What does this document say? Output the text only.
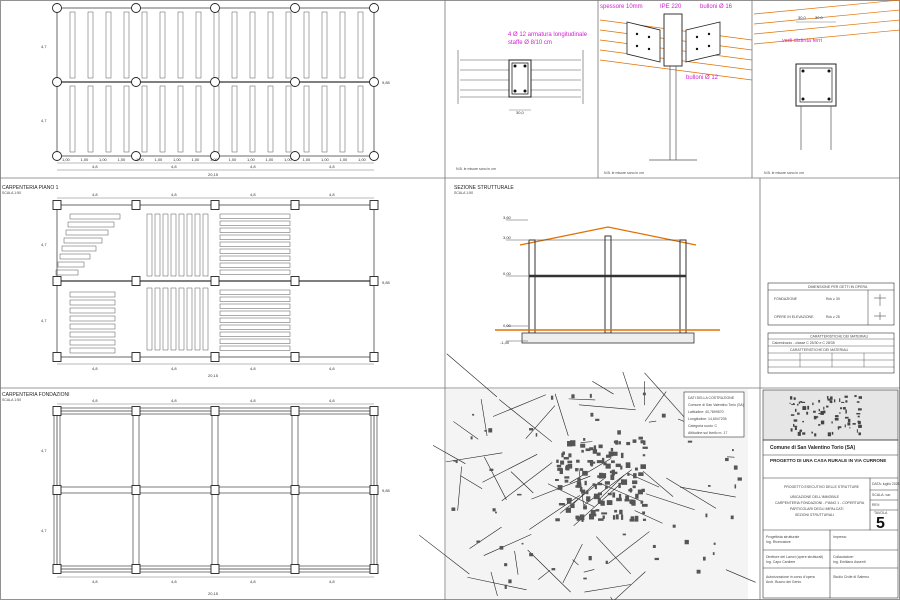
1,00	1,00	1,00	1,00	1,00	1,00	1,00	1,00	1,00	1,00	1,00	1,00	1,00	1,00	1,00	1,00	1,00
4,8	4,8	4,8	4,8
20,15
4,7
4,7
9,85
CARPENTERIA PIANO 1
SCALA 1:50	4,8
4,8
4,8
4,8
4,8
4,8
4,8
4,8
20,15
4,7
4,7
9,85
CARPENTERIA FONDAZIONI
SCALA 1:50	4,8
4,8
4,8
4,8
4,8
4,8
4,8
4,8
20,15
4,7
4,7
9,85
4 Ø 12 armatura longitudinale
staffe Ø 8/10 cm
30,0
N.B. le misure sono in cm
spessore 10mm	IPE 220	bulloni Ø 16
bulloni Ø 12
N.B. le misure sono in cm
30,0 30,0
vedi distinta ferri
N.B. le misure sono in cm
SEZIONE STRUTTURALE
SCALA 1:50
3,60
3,00
0,00
0,00
-1,40
DIMENSIONE PER GETTI IN OPERA
FONDAZIONE	Rck ≥ 30
OPERE IN ELEVAZIONE	Rck ≥ 25
CARATTERISTICHE DEI MATERIALI
Calcestruzzo - classe C 25/30 e C 28/35
CARATTERISTICHE DEI MATERIALI
DATI DELLA COSTRUZIONE
Comune di San Valentino Torio (SA)
Latitudine: 40,7899570
Longitudine: 14,6047235
Categoria suolo: C
Altitudine sul livello m. 17
Comune di San Valentino Torio (SA)
PROGETTO DI UNA CASA RURALE IN VIA CURRONE
PROGETTO ESECUTIVO DELLE STRUTTURE
UBICAZIONE DELL'IMMOBILE
CARPENTERIA FONDAZIONI - PIANO 1 - COPERTURA
PARTICOLARI DEGLI IMPALCATI
SEZIONI STRUTTURALI
DATA: luglio 2021
SCALA: var.
REV:
TAVOLA
5
Progettista strutturale
Ing. Ricercatore
Impresa:
Direttore dei Lavori (opere strutturali)
Ing. Capo Cantiere
Collaudatore:
Ing. Emiliano Assenti
Autorizzazione in corso d'opera
Arch. Buono del Genio
Studio Civile di Salerno
